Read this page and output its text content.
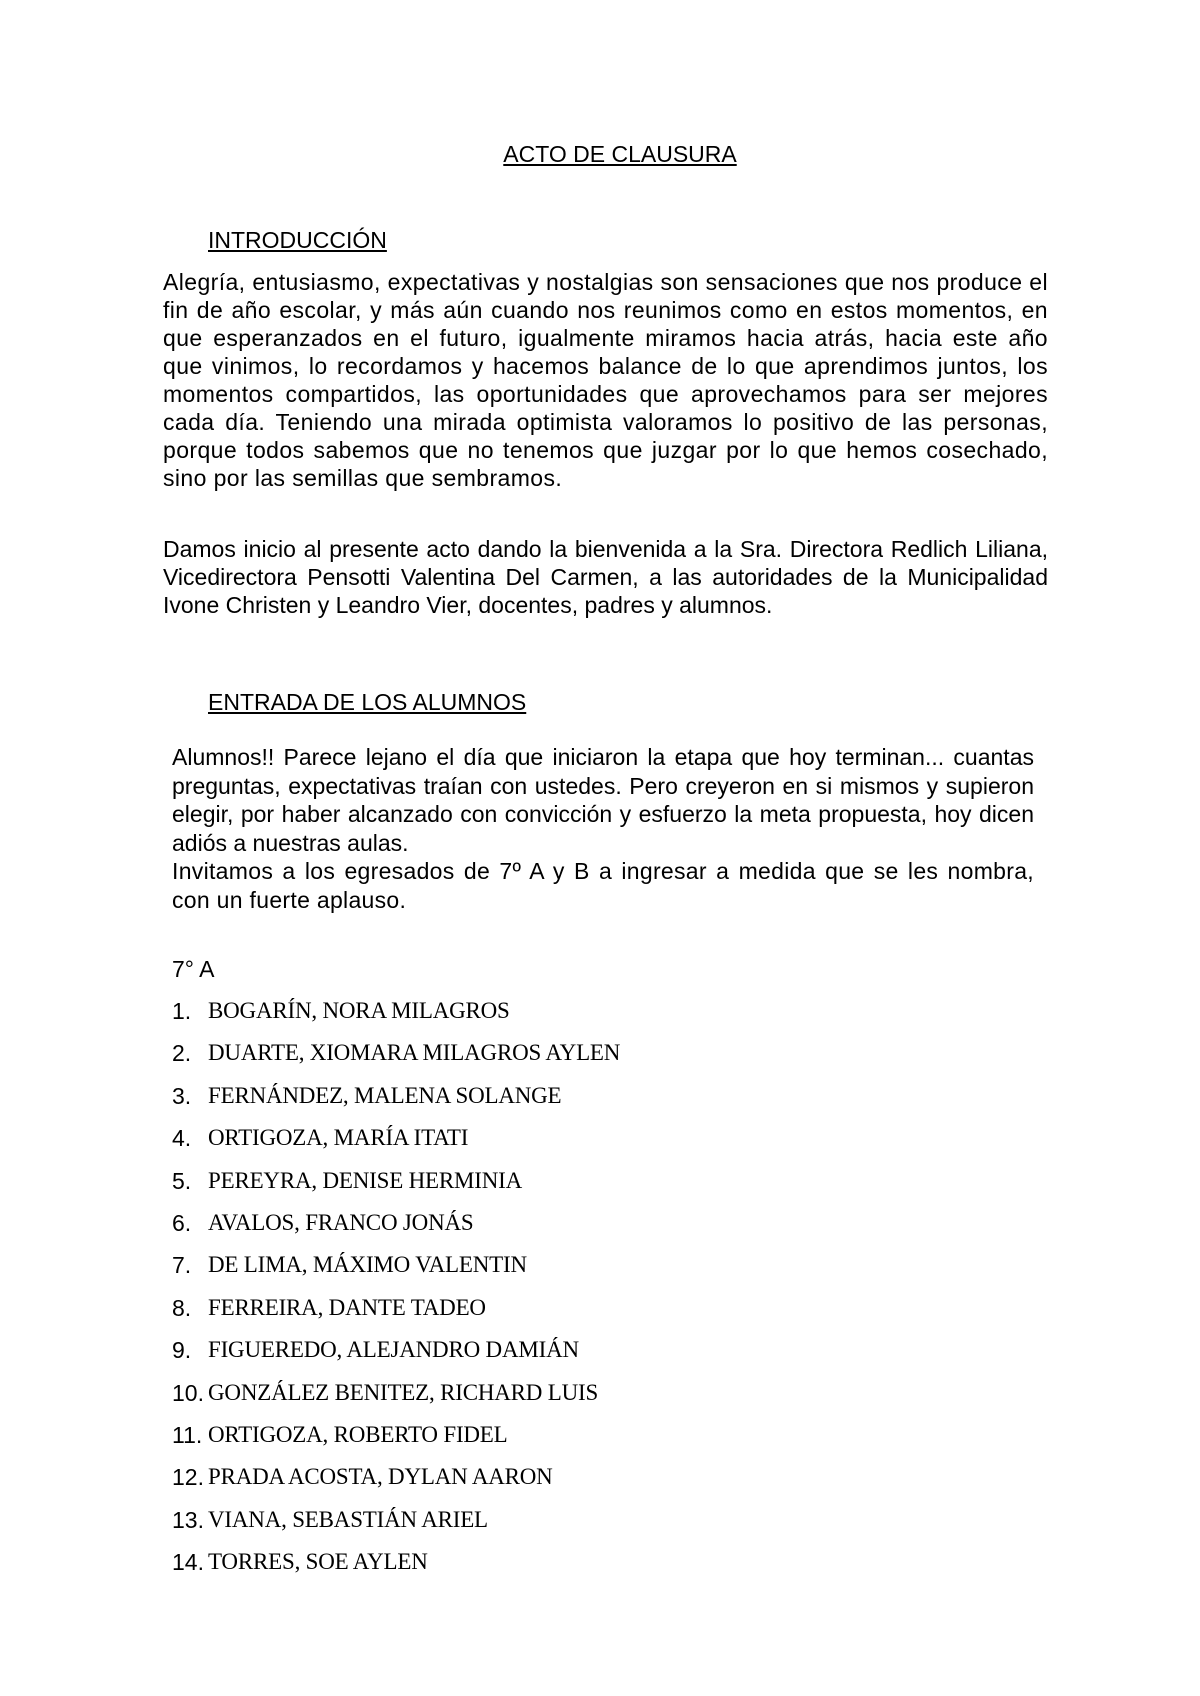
ACTO DE CLAUSURA
INTRODUCCIÓN

Alegría, entusiasmo, expectativas y nostalgias son sensaciones que nos produce el fin de año escolar, y más aún cuando nos reunimos como en estos momentos, en que esperanzados en el futuro, igualmente miramos hacia atrás, hacia este año que vinimos, lo recordamos y hacemos balance de lo que aprendimos juntos, los momentos compartidos, las oportunidades que aprovechamos para ser mejores cada día. Teniendo una mirada optimista valoramos lo positivo de las personas, porque todos sabemos que no tenemos que juzgar por lo que hemos cosechado, sino por las semillas que sembramos.

Damos inicio al presente acto dando la bienvenida a la Sra. Directora Redlich Liliana, Vicedirectora Pensotti Valentina Del Carmen, a las autoridades de la Municipalidad Ivone Christen y Leandro Vier, docentes, padres y alumnos.

ENTRADA DE LOS ALUMNOS

Alumnos!! Parece lejano el día que iniciaron la etapa que hoy terminan... cuantas preguntas, expectativas traían con ustedes. Pero creyeron en si mismos y supieron elegir, por haber alcanzado con convicción y esfuerzo la meta propuesta, hoy dicen adiós a nuestras aulas.

Invitamos a los egresados de 7º A y B a ingresar a medida que se les nombra, con un fuerte aplauso.

7° A
1. BOGARÍN, NORA MILAGROS
2. DUARTE, XIOMARA MILAGROS AYLEN
3. FERNÁNDEZ, MALENA SOLANGE
4. ORTIGOZA, MARÍA ITATI
5. PEREYRA, DENISE HERMINIA
6. AVALOS, FRANCO JONÁS
7. DE LIMA, MÁXIMO VALENTIN
8. FERREIRA, DANTE TADEO
9. FIGUEREDO, ALEJANDRO DAMIÁN
10. GONZÁLEZ BENITEZ, RICHARD LUIS
11. ORTIGOZA, ROBERTO FIDEL
12. PRADA ACOSTA, DYLAN AARON
13. VIANA, SEBASTIÁN ARIEL
14. TORRES, SOE AYLEN
